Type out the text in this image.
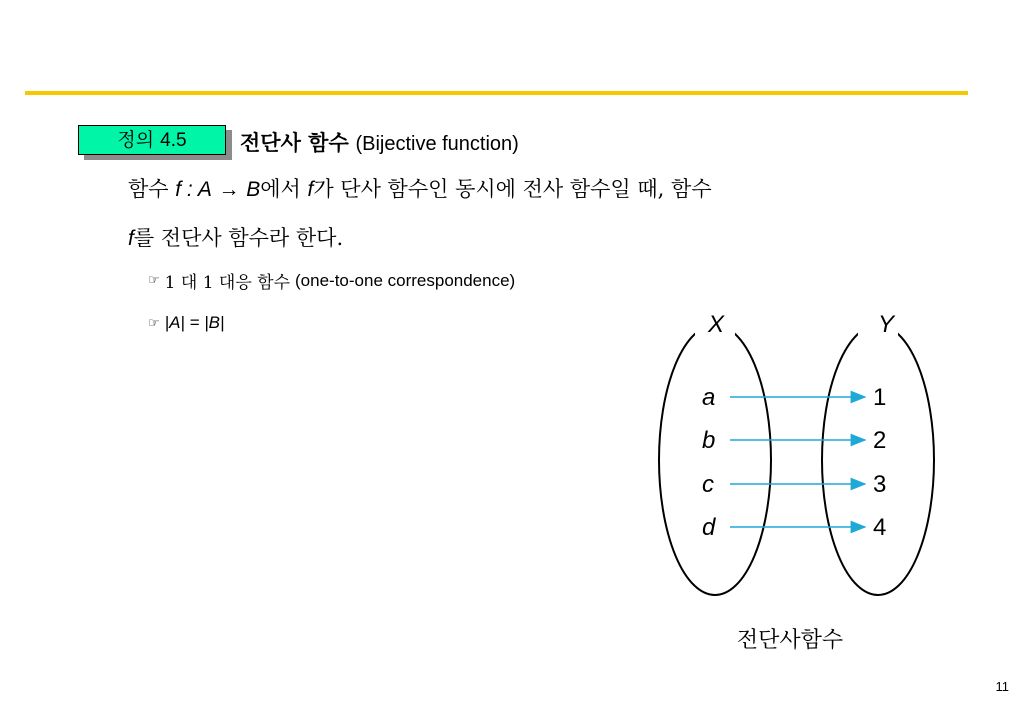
정의 4.5	전단사 함수 (Bijective function)
함수 f : A → B에서 f가 단사 함수인 동시에 전사 함수일 때, 함수
f를 전단사 함수라 한다.
☞ 1 대 1 대응 함수 (one-to-one correspondence)
☞ |A| = |B|	X	Y
a
b
c
d
1
2
3
4
전단사함수
11
